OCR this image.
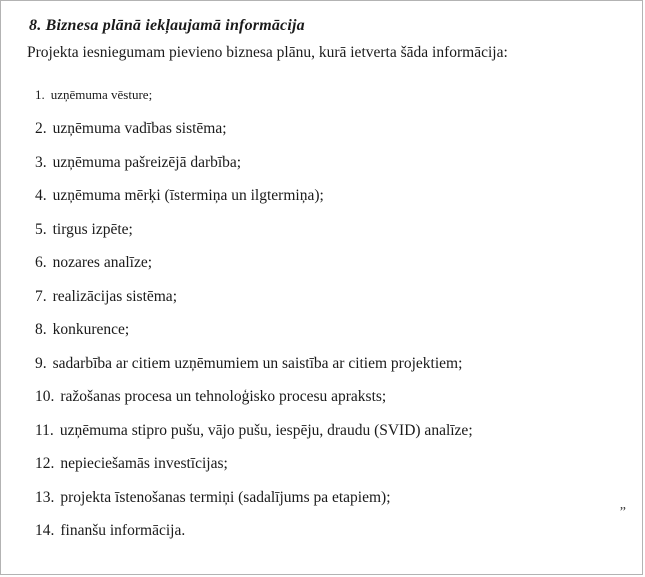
8. Biznesa plānā iekļaujamā informācija
Projekta iesniegumam pievieno biznesa plānu, kurā ietverta šāda informācija:
1. uzņēmuma vēsture;
2. uzņēmuma vadības sistēma;
3. uzņēmuma pašreizējā darbība;
4. uzņēmuma mērķi (īstermiņa un ilgtermiņa);
5. tirgus izpēte;
6. nozares analīze;
7. realizācijas sistēma;
8. konkurence;
9. sadarbība ar citiem uzņēmumiem un saistība ar citiem projektiem;
10. ražošanas procesa un tehnoloģisko procesu apraksts;
11. uzņēmuma stipro pušu, vājo pušu, iespēju, draudu (SVID) analīze;
12. nepieciešamās investīcijas;
13. projekta īstenošanas termiņi (sadalījums pa etapiem);
14. finanšu informācija.
”
